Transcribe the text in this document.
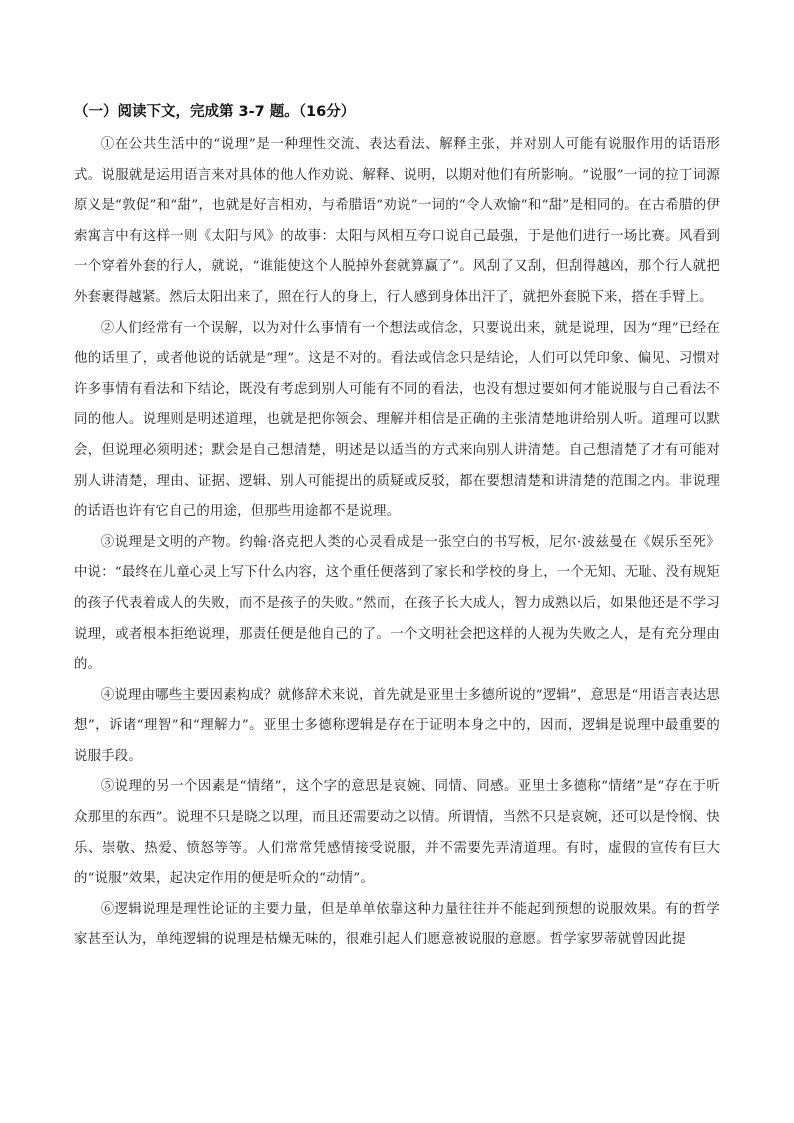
（一）阅读下文，完成第 3-7 题。（16分）

①在公共生活中的“说理”是一种理性交流、表达看法、解释主张，并对别人可能有说服作用的话语形式。说服就是运用语言来对具体的他人作劝说、解释、说明，以期对他们有所影响。“说服”一词的拉丁词源原义是“敦促”和“甜”，也就是好言相劝，与希腊语“劝说”一词的“令人欢愉”和“甜”是相同的。在古希腊的伊索寓言中有这样一则《太阳与风》的故事：太阳与风相互夸口说自己最强，于是他们进行一场比赛。风看到一个穿着外套的行人，就说，“谁能使这个人脱掉外套就算赢了”。风刮了又刮，但刮得越凶，那个行人就把外套裹得越紧。然后太阳出来了，照在行人的身上，行人感到身体出汗了，就把外套脱下来，搭在手臂上。

②人们经常有一个误解，以为对什么事情有一个想法或信念，只要说出来，就是说理，因为“理”已经在他的话里了，或者他说的话就是“理”。这是不对的。看法或信念只是结论，人们可以凭印象、偏见、习惯对许多事情有看法和下结论，既没有考虑到别人可能有不同的看法，也没有想过要如何才能说服与自己看法不同的他人。说理则是明述道理，也就是把你领会、理解并相信是正确的主张清楚地讲给别人听。道理可以默会，但说理必须明述；默会是自己想清楚，明述是以适当的方式来向别人讲清楚。自己想清楚了才有可能对别人讲清楚，理由、证据、逻辑、别人可能提出的质疑或反驳，都在要想清楚和讲清楚的范围之内。非说理的话语也许有它自己的用途，但那些用途都不是说理。

③说理是文明的产物。约翰·洛克把人类的心灵看成是一张空白的书写板，尼尔·波兹曼在《娱乐至死》中说：“最终在儿童心灵上写下什么内容，这个重任便落到了家长和学校的身上，一个无知、无耻、没有规矩的孩子代表着成人的失败，而不是孩子的失败。”然而，在孩子长大成人，智力成熟以后，如果他还是不学习说理，或者根本拒绝说理，那责任便是他自己的了。一个文明社会把这样的人视为失败之人，是有充分理由的。

④说理由哪些主要因素构成？就修辞术来说，首先就是亚里士多德所说的“逻辑”，意思是“用语言表达思想”，诉诸“理智”和“理解力”。亚里士多德称逻辑是存在于证明本身之中的，因而，逻辑是说理中最重要的说服手段。

⑤说理的另一个因素是“情绪”，这个字的意思是哀婉、同情、同感。亚里士多德称“情绪”是“存在于听众那里的东西”。说理不只是晓之以理，而且还需要动之以情。所谓情，当然不只是哀婉，还可以是怜悯、快乐、崇敬、热爱、愤怒等等。人们常常凭感情接受说服，并不需要先弄清道理。有时，虚假的宣传有巨大的“说服”效果，起决定作用的便是听众的“动情”。

⑥逻辑说理是理性论证的主要力量，但是单单依靠这种力量往往并不能起到预想的说服效果。有的哲学家甚至认为，单纯逻辑的说理是枯燥无味的，很难引起人们愿意被说服的意愿。哲学家罗蒂就曾因此提
